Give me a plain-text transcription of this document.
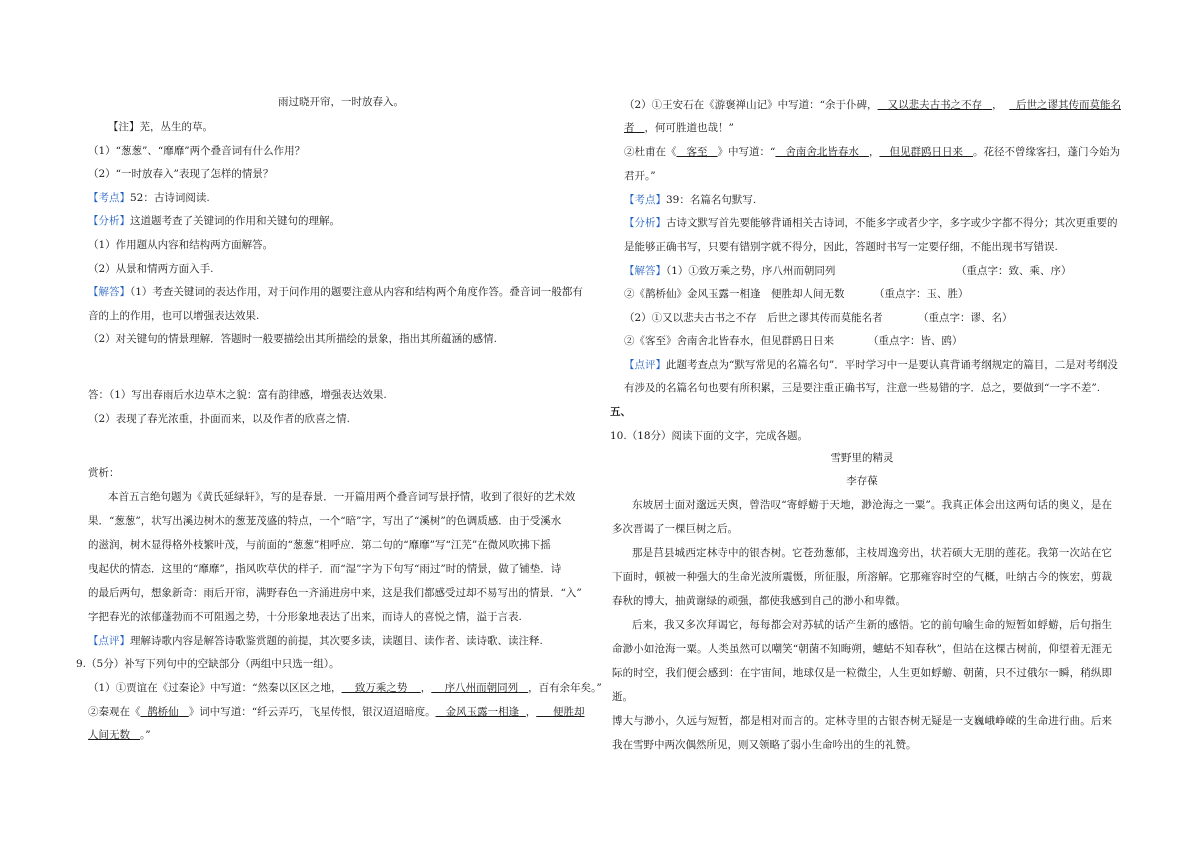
雨过晓开帘，一时放春入。
【注】芜，丛生的草。
（1）“葱葱”、“靡靡”两个叠音词有什么作用？
（2）“一时放春入”表现了怎样的情景？
【考点】52：古诗词阅读.
【分析】这道题考查了关键词的作用和关键句的理解。
（1）作用题从内容和结构两方面解答。
（2）从景和情两方面入手.
【解答】（1）考查关键词的表达作用，对于问作用的题要注意从内容和结构两个角度作答。叠音词一般都有
音的上的作用，也可以增强表达效果.
（2）对关键句的情景理解．答题时一般要描绘出其所描绘的景象，指出其所蕴涵的感情.
答：（1）写出春雨后水边草木之貌：富有韵律感，增强表达效果.
（2）表现了春光浓重，扑面而来，以及作者的欣喜之情.
赏析：
本首五言绝句题为《黄氏延绿轩》，写的是春景．一开篇用两个叠音词写景抒情，收到了很好的艺术效
果．“葱葱”，状写出溪边树木的葱茏茂盛的特点，一个“暗”字，写出了“溪树”的色调质感．由于受溪水
的滋润，树木显得格外枝繁叶茂，与前面的“葱葱”相呼应．第二句的“靡靡”写“江芜”在微风吹拂下摇
曳起伏的情态．这里的“靡靡”，指风吹草伏的样子．而“湿”字为下句写“雨过”时的情景，做了铺垫．诗
的最后两句，想象新奇：雨后开帘，满野春色一齐涌进房中来，这是我们都感受过却不易写出的情景．“入”
字把春光的浓郁蓬勃而不可阻遏之势，十分形象地表达了出来，而诗人的喜悦之情，溢于言表.
【点评】理解诗歌内容是解答诗歌鉴赏题的前提，其次要多读，读题目、读作者、读诗歌、读注释.
9.（5分）补写下列句中的空缺部分（两组中只选一组）。
（1）①贾谊在《过秦论》中写道：“然秦以区区之地， 致万乘之势 ， 序八州而朝同列 ，百有余年矣。”
②秦观在《 鹊桥仙 》词中写道：“纤云弄巧，飞星传恨，银汉迢迢暗度。 金风玉露一相逢 ， 便胜却
人间无数 。”
（2）①王安石在《游褒禅山记》中写道：“余于仆碑， 又以悲夫古书之不存 ， 后世之谬其传而莫能名
者 ，何可胜道也哉！”
②杜甫在《 客至 》中写道：“ 舍南舍北皆春水 ， 但见群鸥日日来 。花径不曾缘客扫，蓬门今始为
君开。”
【考点】39：名篇名句默写.
【分析】古诗文默写首先要能够背诵相关古诗词，不能多字或者少字，多字或少字都不得分；其次更重要的
是能够正确书写，只要有错别字就不得分，因此，答题时书写一定要仔细，不能出现书写错误.
【解答】（1）①致万乘之势，序八州而朝同列	（重点字：致、乘、序）
②《鹊桥仙》金风玉露一相逢　便胜却人间无数	（重点字：玉、胜）
（2）①又以悲夫古书之不存　后世之谬其传而莫能名者	（重点字：谬、名）
②《客至》舍南舍北皆春水，但见群鸥日日来	（重点字：皆、鸥）
【点评】此题考查点为“默写常见的名篇名句”．平时学习中一是要认真背诵考纲规定的篇目，二是对考纲没
有涉及的名篇名句也要有所积累，三是要注重正确书写，注意一些易错的字．总之，要做到“一字不差”.
五、
10.（18分）阅读下面的文字，完成各题。
雪野里的精灵
李存葆
东坡居士面对邈远天舆，曾浩叹“寄蜉蝣于天地，渺沧海之一粟”。我真正体会出这两句话的奥义，是在
多次晋谒了一棵巨树之后。
那是莒县城西定林寺中的银杏树。它苍劲葱郁，主枝周逸旁出，状若硕大无朋的莲花。我第一次站在它
下面时，顿被一种强大的生命光波所震慑，所征服，所溶解。它那雍容时空的气概，吐纳古今的恢宏，剪裁
春秋的博大，抽黄谢绿的顽强，都使我感到自己的渺小和卑微。
后来，我又多次拜谒它，每每都会对苏轼的话产生新的感悟。它的前句喻生命的短暂如蜉蝣，后句指生
命渺小如沧海一粟。人类虽然可以嘲笑“朝菌不知晦朔，蟪蛄不知春秋”，但站在这棵古树前，仰望着无涯无
际的时空，我们便会感到：在宇宙间，地球仅是一粒微尘，人生更如蜉蝣、朝菌，只不过俄尔一瞬，稍纵即
逝。
博大与渺小，久远与短暂，都是相对而言的。定林寺里的古银杏树无疑是一支巍峨峥嵘的生命进行曲。后来
我在雪野中两次偶然所见，则又领略了弱小生命吟出的生的礼赞。
